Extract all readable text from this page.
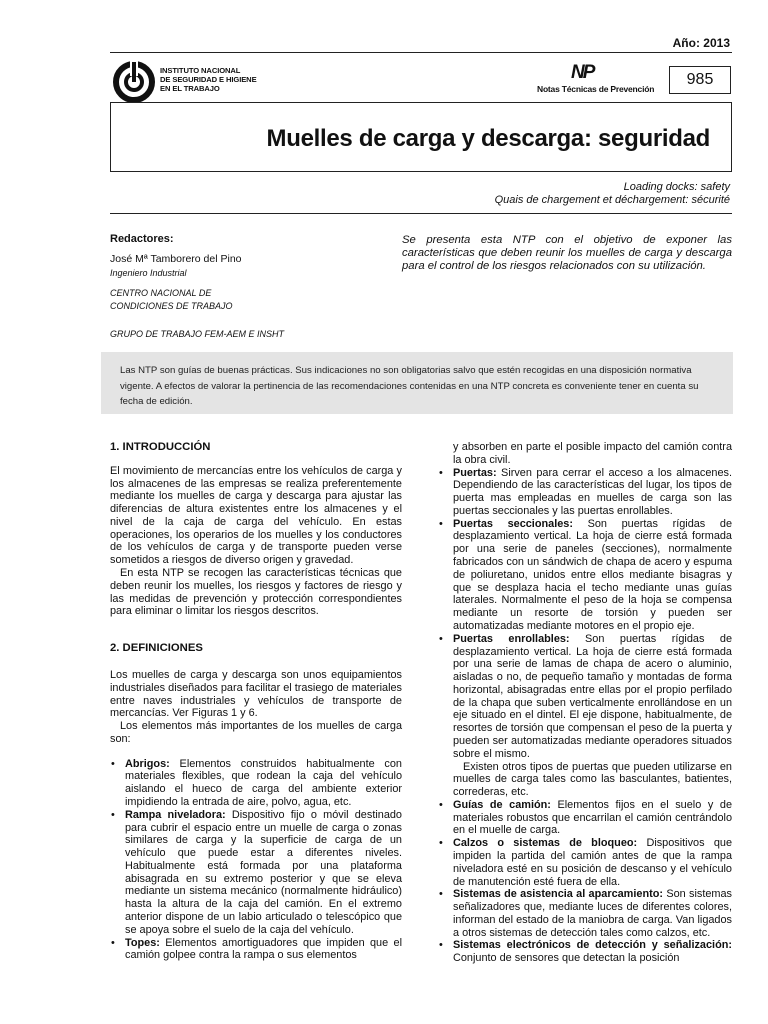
Año: 2013
INSTITUTO NACIONAL
DE SEGURIDAD E HIGIENE
EN EL TRABAJO
NP
Notas Técnicas de Prevención
985
Muelles de carga y descarga: seguridad
Loading docks: safety
Quais de chargement et déchargement: sécurité
Redactores:
José Mª Tamborero del Pino
Ingeniero Industrial
CENTRO NACIONAL DE
CONDICIONES DE TRABAJO
GRUPO DE TRABAJO FEM-AEM E INSHT
Se presenta esta NTP con el objetivo de exponer las características que deben reunir los muelles de carga y descarga para el control de los riesgos relacionados con su utilización.

Las NTP son guías de buenas prácticas. Sus indicaciones no son obligatorias salvo que estén recogidas en una disposición normativa vigente. A efectos de valorar la pertinencia de las recomendaciones contenidas en una NTP concreta es conveniente tener en cuenta su fecha de edición.

1. INTRODUCCIÓN

El movimiento de mercancías entre los vehículos de carga y los almacenes de las empresas se realiza preferentemente mediante los muelles de carga y descarga para ajustar las diferencias de altura existentes entre los almacenes y el nivel de la caja de carga del vehículo. En estas operaciones, los operarios de los muelles y los conductores de los vehículos de carga y de transporte pueden verse sometidos a riesgos de diverso origen y gravedad.

En esta NTP se recogen las características técnicas que deben reunir los muelles, los riesgos y factores de riesgo y las medidas de prevención y protección correspondientes para eliminar o limitar los riesgos descritos.

2. DEFINICIONES

Los muelles de carga y descarga son unos equipamientos industriales diseñados para facilitar el trasiego de materiales entre naves industriales y vehículos de transporte de mercancías. Ver Figuras 1 y 6.

Los elementos más importantes de los muelles de carga son:

• Abrigos: Elementos construidos habitualmente con materiales flexibles, que rodean la caja del vehículo aislando el hueco de carga del ambiente exterior impidiendo la entrada de aire, polvo, agua, etc.
• Rampa niveladora: Dispositivo fijo o móvil destinado para cubrir el espacio entre un muelle de carga o zonas similares de carga y la superficie de carga de un vehículo que puede estar a diferentes niveles. Habitualmente está formada por una plataforma abisagrada en su extremo posterior y que se eleva mediante un sistema mecánico (normalmente hidráulico) hasta la altura de la caja del camión. En el extremo anterior dispone de un labio articulado o telescópico que se apoya sobre el suelo de la caja del vehículo.
• Topes: Elementos amortiguadores que impiden que el camión golpee contra la rampa o sus elementos

y absorben en parte el posible impacto del camión contra la obra civil.

• Puertas: Sirven para cerrar el acceso a los almacenes. Dependiendo de las características del lugar, los tipos de puerta mas empleadas en muelles de carga son las puertas seccionales y las puertas enrollables.
• Puertas seccionales: Son puertas rígidas de desplazamiento vertical. La hoja de cierre está formada por una serie de paneles (secciones), normalmente fabricados con un sándwich de chapa de acero y espuma de poliuretano, unidos entre ellos mediante bisagras y que se desplaza hacia el techo mediante unas guías laterales. Normalmente el peso de la hoja se compensa mediante un resorte de torsión y pueden ser automatizadas mediante motores en el propio eje.
• Puertas enrollables: Son puertas rígidas de desplazamiento vertical. La hoja de cierre está formada por una serie de lamas de chapa de acero o aluminio, aisladas o no, de pequeño tamaño y montadas de forma horizontal, abisagradas entre ellas por el propio perfilado de la chapa que suben verticalmente enrollándose en un eje situado en el dintel. El eje dispone, habitualmente, de resortes de torsión que compensan el peso de la puerta y pueden ser automatizadas mediante operadores situados sobre el mismo.

Existen otros tipos de puertas que pueden utilizarse en muelles de carga tales como las basculantes, batientes, correderas, etc.

• Guías de camión: Elementos fijos en el suelo y de materiales robustos que encarrilan el camión centrándolo en el muelle de carga.
• Calzos o sistemas de bloqueo: Dispositivos que impiden la partida del camión antes de que la rampa niveladora esté en su posición de descanso y el vehículo de manutención esté fuera de ella.
• Sistemas de asistencia al aparcamiento: Son sistemas señalizadores que, mediante luces de diferentes colores, informan del estado de la maniobra de carga. Van ligados a otros sistemas de detección tales como calzos, etc.
• Sistemas electrónicos de detección y señalización: Conjunto de sensores que detectan la posición
